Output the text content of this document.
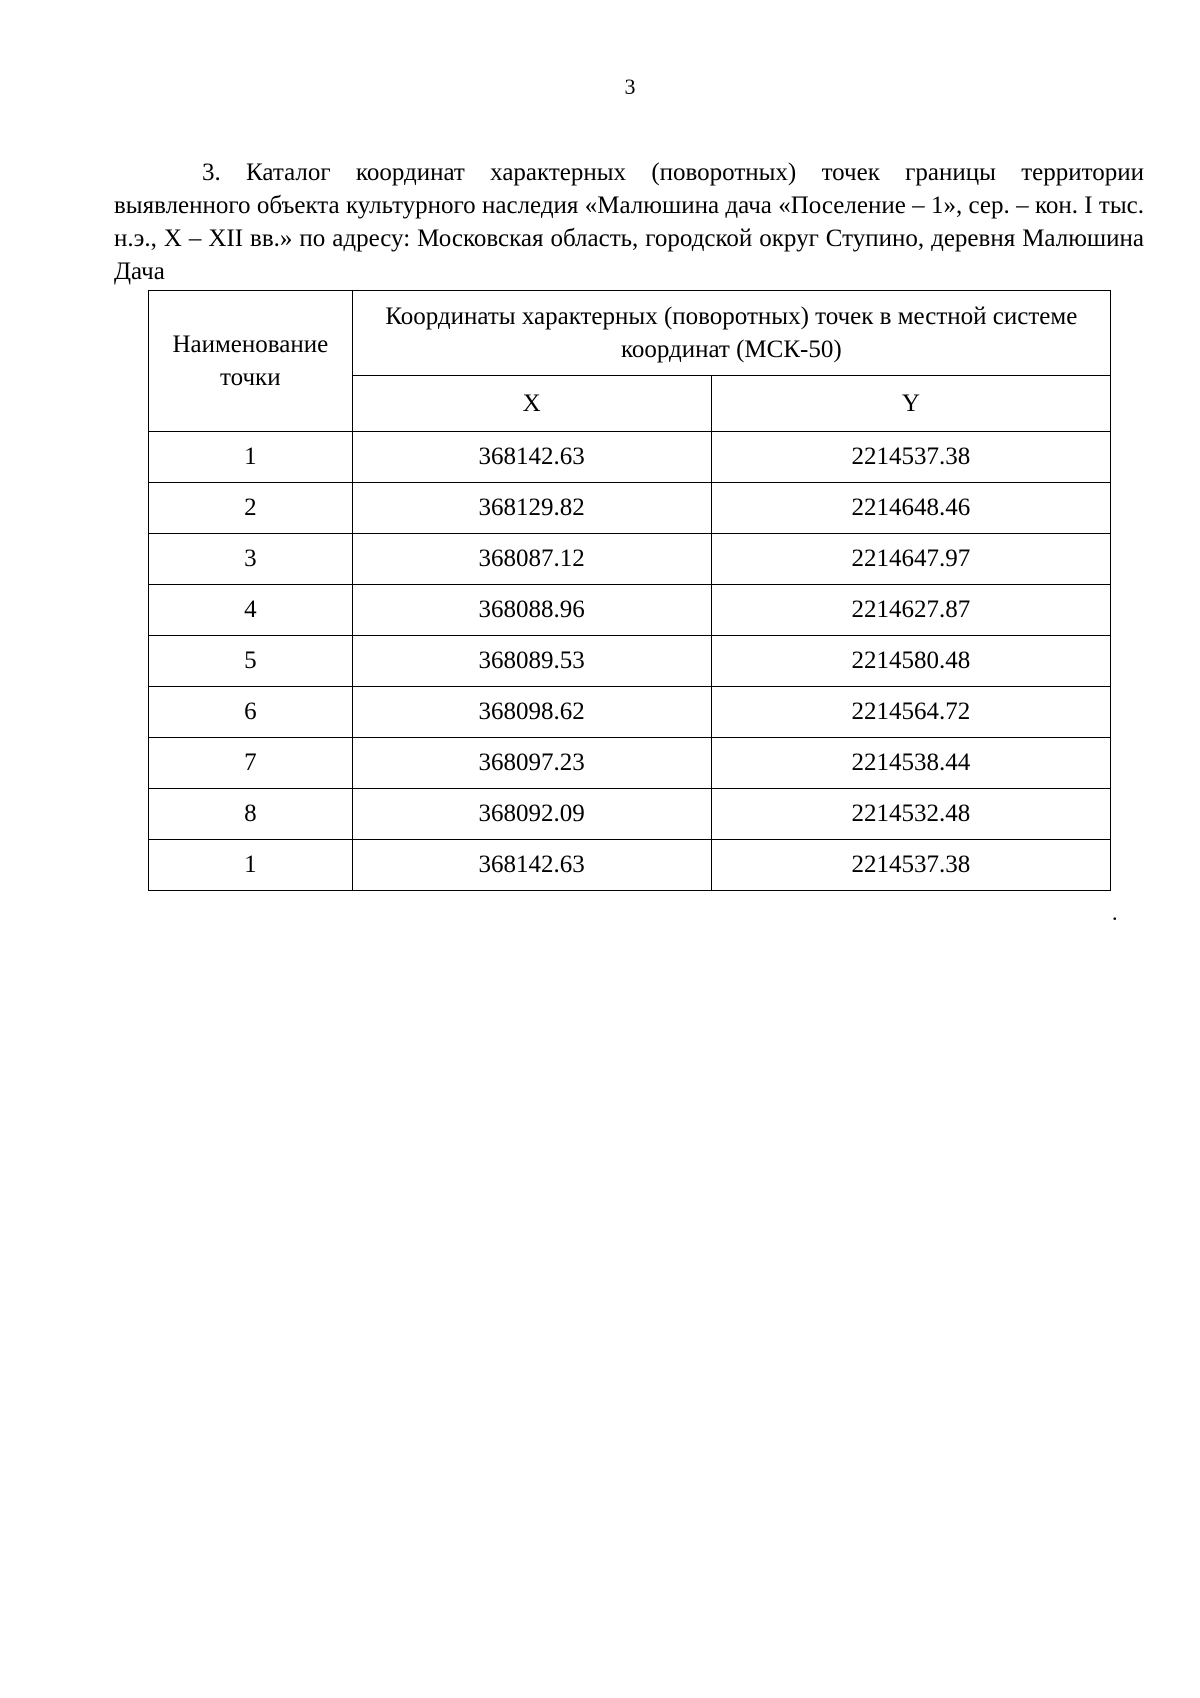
3

3. Каталог координат характерных (поворотных) точек границы территории выявленного объекта культурного наследия «Малюшина дача «Поселение – 1», сер. – кон. I тыс. н.э., X – XII вв.» по адресу: Московская область, городской округ Ступино, деревня Малюшина Дача

Наименование точки	Координаты характерных (поворотных) точек в местной системе координат (МСК-50)	
	X	Y
1	368142.63	2214537.38
2	368129.82	2214648.46
3	368087.12	2214647.97
4	368088.96	2214627.87
5	368089.53	2214580.48
6	368098.62	2214564.72
7	368097.23	2214538.44
8	368092.09	2214532.48
1	368142.63	2214537.38
.
